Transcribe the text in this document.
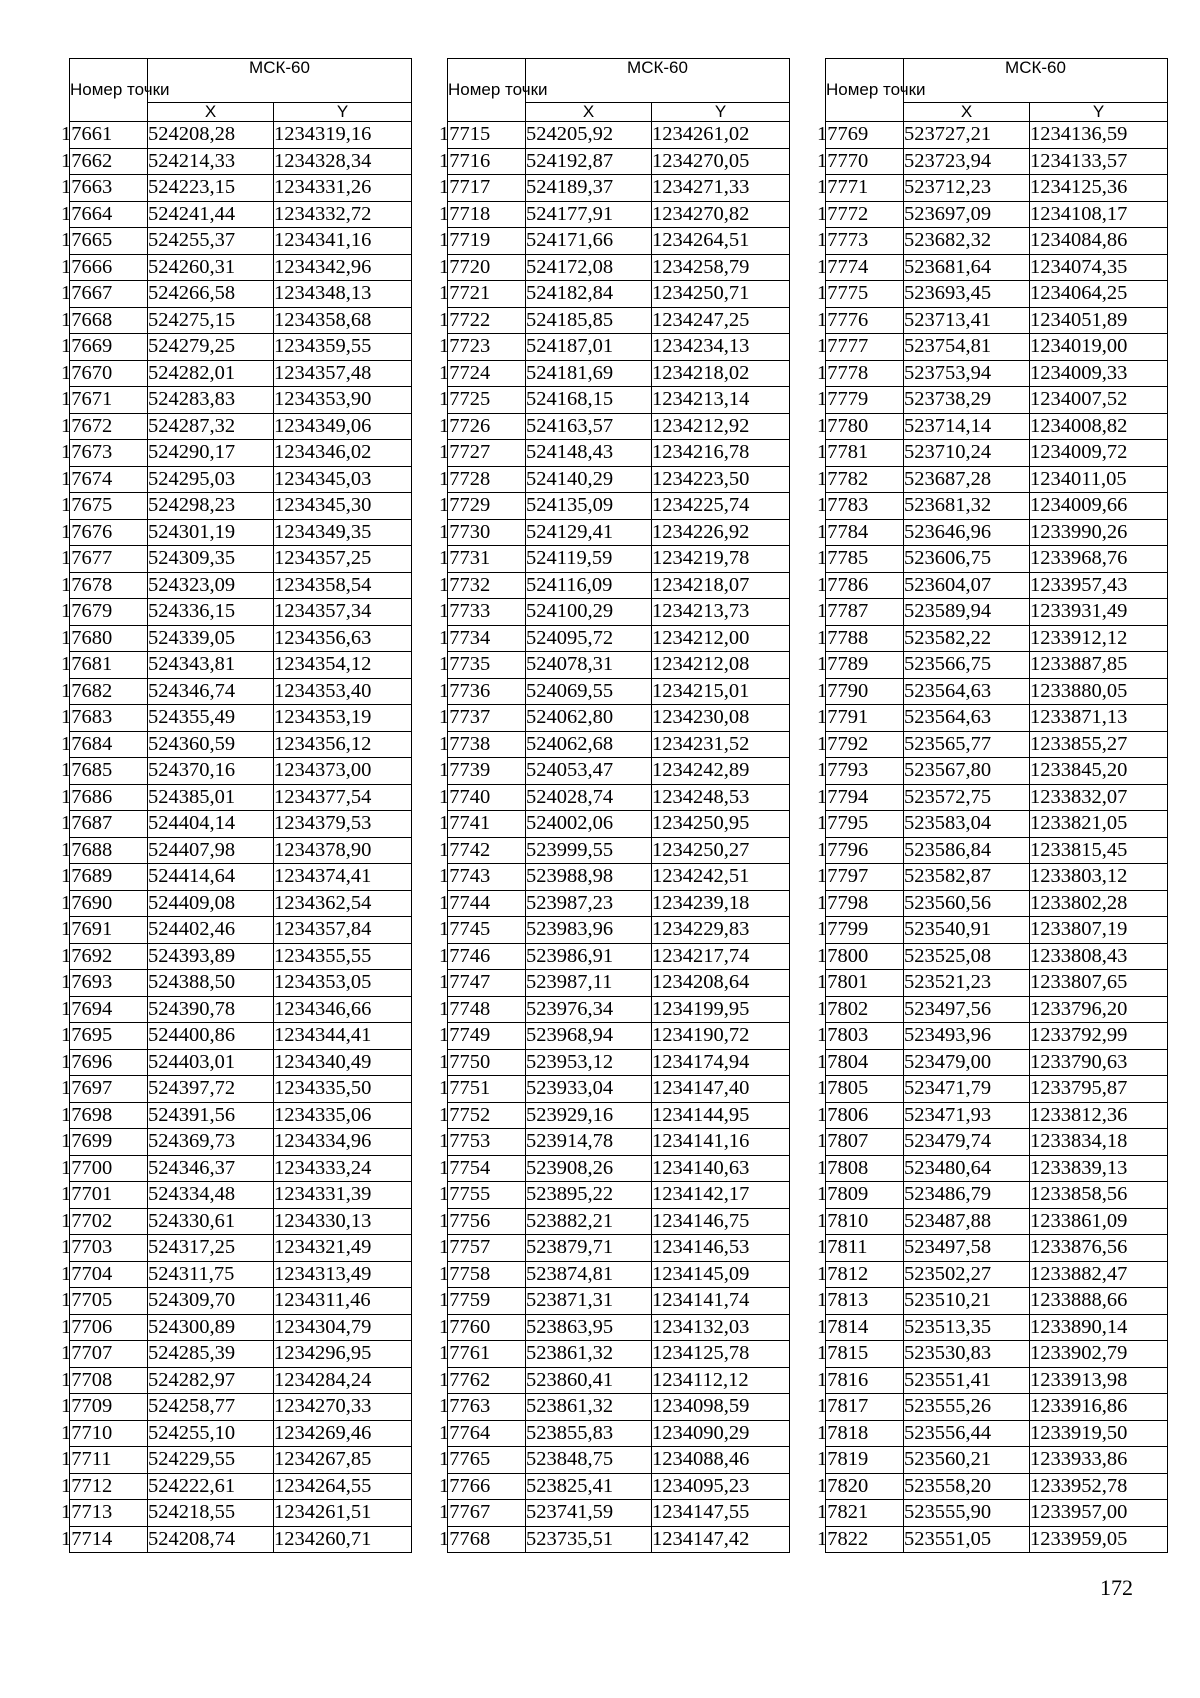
Номер точки	МСК-60	
	X	Y
17661	524208,28	1234319,16
17662	524214,33	1234328,34
17663	524223,15	1234331,26
17664	524241,44	1234332,72
17665	524255,37	1234341,16
17666	524260,31	1234342,96
17667	524266,58	1234348,13
17668	524275,15	1234358,68
17669	524279,25	1234359,55
17670	524282,01	1234357,48
17671	524283,83	1234353,90
17672	524287,32	1234349,06
17673	524290,17	1234346,02
17674	524295,03	1234345,03
17675	524298,23	1234345,30
17676	524301,19	1234349,35
17677	524309,35	1234357,25
17678	524323,09	1234358,54
17679	524336,15	1234357,34
17680	524339,05	1234356,63
17681	524343,81	1234354,12
17682	524346,74	1234353,40
17683	524355,49	1234353,19
17684	524360,59	1234356,12
17685	524370,16	1234373,00
17686	524385,01	1234377,54
17687	524404,14	1234379,53
17688	524407,98	1234378,90
17689	524414,64	1234374,41
17690	524409,08	1234362,54
17691	524402,46	1234357,84
17692	524393,89	1234355,55
17693	524388,50	1234353,05
17694	524390,78	1234346,66
17695	524400,86	1234344,41
17696	524403,01	1234340,49
17697	524397,72	1234335,50
17698	524391,56	1234335,06
17699	524369,73	1234334,96
17700	524346,37	1234333,24
17701	524334,48	1234331,39
17702	524330,61	1234330,13
17703	524317,25	1234321,49
17704	524311,75	1234313,49
17705	524309,70	1234311,46
17706	524300,89	1234304,79
17707	524285,39	1234296,95
17708	524282,97	1234284,24
17709	524258,77	1234270,33
17710	524255,10	1234269,46
17711	524229,55	1234267,85
17712	524222,61	1234264,55
17713	524218,55	1234261,51
17714	524208,74	1234260,71
Номер точки	МСК-60	
	X	Y
17715	524205,92	1234261,02
17716	524192,87	1234270,05
17717	524189,37	1234271,33
17718	524177,91	1234270,82
17719	524171,66	1234264,51
17720	524172,08	1234258,79
17721	524182,84	1234250,71
17722	524185,85	1234247,25
17723	524187,01	1234234,13
17724	524181,69	1234218,02
17725	524168,15	1234213,14
17726	524163,57	1234212,92
17727	524148,43	1234216,78
17728	524140,29	1234223,50
17729	524135,09	1234225,74
17730	524129,41	1234226,92
17731	524119,59	1234219,78
17732	524116,09	1234218,07
17733	524100,29	1234213,73
17734	524095,72	1234212,00
17735	524078,31	1234212,08
17736	524069,55	1234215,01
17737	524062,80	1234230,08
17738	524062,68	1234231,52
17739	524053,47	1234242,89
17740	524028,74	1234248,53
17741	524002,06	1234250,95
17742	523999,55	1234250,27
17743	523988,98	1234242,51
17744	523987,23	1234239,18
17745	523983,96	1234229,83
17746	523986,91	1234217,74
17747	523987,11	1234208,64
17748	523976,34	1234199,95
17749	523968,94	1234190,72
17750	523953,12	1234174,94
17751	523933,04	1234147,40
17752	523929,16	1234144,95
17753	523914,78	1234141,16
17754	523908,26	1234140,63
17755	523895,22	1234142,17
17756	523882,21	1234146,75
17757	523879,71	1234146,53
17758	523874,81	1234145,09
17759	523871,31	1234141,74
17760	523863,95	1234132,03
17761	523861,32	1234125,78
17762	523860,41	1234112,12
17763	523861,32	1234098,59
17764	523855,83	1234090,29
17765	523848,75	1234088,46
17766	523825,41	1234095,23
17767	523741,59	1234147,55
17768	523735,51	1234147,42
Номер точки	МСК-60	
	X	Y
17769	523727,21	1234136,59
17770	523723,94	1234133,57
17771	523712,23	1234125,36
17772	523697,09	1234108,17
17773	523682,32	1234084,86
17774	523681,64	1234074,35
17775	523693,45	1234064,25
17776	523713,41	1234051,89
17777	523754,81	1234019,00
17778	523753,94	1234009,33
17779	523738,29	1234007,52
17780	523714,14	1234008,82
17781	523710,24	1234009,72
17782	523687,28	1234011,05
17783	523681,32	1234009,66
17784	523646,96	1233990,26
17785	523606,75	1233968,76
17786	523604,07	1233957,43
17787	523589,94	1233931,49
17788	523582,22	1233912,12
17789	523566,75	1233887,85
17790	523564,63	1233880,05
17791	523564,63	1233871,13
17792	523565,77	1233855,27
17793	523567,80	1233845,20
17794	523572,75	1233832,07
17795	523583,04	1233821,05
17796	523586,84	1233815,45
17797	523582,87	1233803,12
17798	523560,56	1233802,28
17799	523540,91	1233807,19
17800	523525,08	1233808,43
17801	523521,23	1233807,65
17802	523497,56	1233796,20
17803	523493,96	1233792,99
17804	523479,00	1233790,63
17805	523471,79	1233795,87
17806	523471,93	1233812,36
17807	523479,74	1233834,18
17808	523480,64	1233839,13
17809	523486,79	1233858,56
17810	523487,88	1233861,09
17811	523497,58	1233876,56
17812	523502,27	1233882,47
17813	523510,21	1233888,66
17814	523513,35	1233890,14
17815	523530,83	1233902,79
17816	523551,41	1233913,98
17817	523555,26	1233916,86
17818	523556,44	1233919,50
17819	523560,21	1233933,86
17820	523558,20	1233952,78
17821	523555,90	1233957,00
17822	523551,05	1233959,05
172
